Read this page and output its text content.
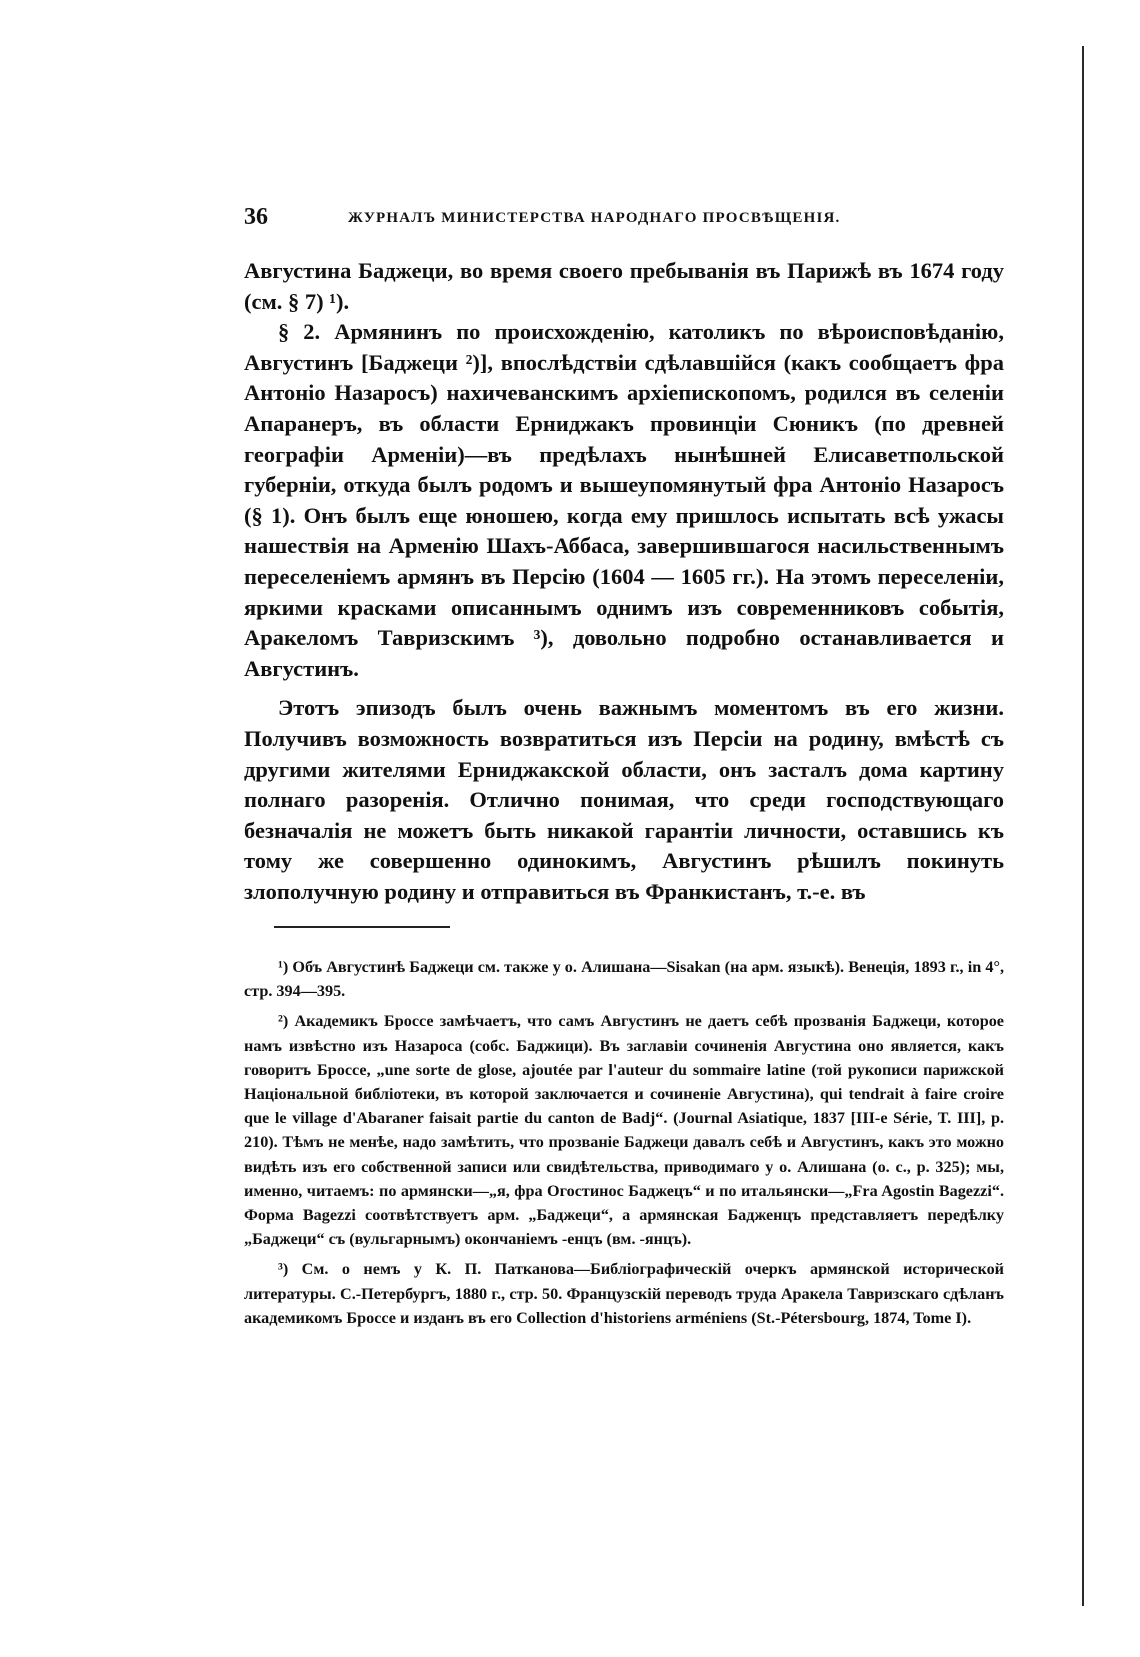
36	ЖУРНАЛЪ МИНИСТЕРСТВА НАРОДНАГО ПРОСВѢЩЕНІЯ.

Августина Баджеци, во время своего пребыванія въ Парижѣ въ 1674 году (см. § 7) ¹).

§ 2. Армянинъ по происхожденію, католикъ по вѣроисповѣданію, Августинъ [Баджеци ²)], впослѣдствіи сдѣлавшійся (какъ сообщаетъ фра Антоніо Назаросъ) нахичеванскимъ архіепископомъ, родился въ селеніи Апаранеръ, въ области Ерниджакъ провинціи Сюникъ (по древней географіи Арменіи)—въ предѣлахъ нынѣшней Елисаветпольской губерніи, откуда былъ родомъ и вышеупомянутый фра Антоніо Назаросъ (§ 1). Онъ былъ еще юношею, когда ему пришлось испытать всѣ ужасы нашествія на Арменію Шахъ-Аббаса, завершившагося насильственнымъ переселеніемъ армянъ въ Персію (1604 — 1605 гг.). На этомъ переселеніи, яркими красками описаннымъ однимъ изъ современниковъ событія, Аракеломъ Тавризскимъ ³), довольно подробно останавливается и Августинъ.

Этотъ эпизодъ былъ очень важнымъ моментомъ въ его жизни. Получивъ возможность возвратиться изъ Персіи на родину, вмѣстѣ съ другими жителями Ерниджакской области, онъ засталъ дома картину полнаго разоренія. Отлично понимая, что среди господствующаго безначалія не можетъ быть никакой гарантіи личности, оставшись къ тому же совершенно одинокимъ, Августинъ рѣшилъ покинуть злополучную родину и отправиться въ Франкистанъ, т.-е. въ

¹) Объ Августинѣ Баджеци см. также у о. Алишана—Sisakan (на арм. языкѣ). Венеція, 1893 г., in 4°, стр. 394—395.

²) Академикъ Броссе замѣчаетъ, что самъ Августинъ не даетъ себѣ прозванія Баджеци, которое намъ извѣстно изъ Назароса (собс. Баджици). Въ заглавіи сочиненія Августина оно является, какъ говоритъ Броссе, „une sorte de glose, ajoutée par l'auteur du sommaire latine (той рукописи парижской Національной библіотеки, въ которой заключается и сочиненіе Августина), qui tendrait à faire croire que le village d'Abaraner faisait partie du canton de Badj“. (Journal Asiatique, 1837 [III-e Série, T. III], p. 210). Тѣмъ не менѣе, надо замѣтить, что прозваніе Баджеци давалъ себѣ и Августинъ, какъ это можно видѣть изъ его собственной записи или свидѣтельства, приводимаго у о. Алишана (о. с., p. 325); мы, именно, читаемъ: по армянски—„я, фра Огостинос Баджецъ“ и по итальянски—„Fra Agostin Bagezzi“. Форма Bagezzi соотвѣтствуетъ арм. „Баджеци“, а армянская Бадженцъ представляетъ передѣлку „Баджеци“ съ (вульгарнымъ) окончаніемъ -енцъ (вм. -янцъ).

³) См. о немъ у К. П. Патканова—Библіографическій очеркъ армянской исторической литературы. С.-Петербургъ, 1880 г., стр. 50. Французскій переводъ труда Аракела Тавризскаго сдѣланъ академикомъ Броссе и изданъ въ его Collection d'historiens arméniens (St.-Pétersbourg, 1874, Tome I).
